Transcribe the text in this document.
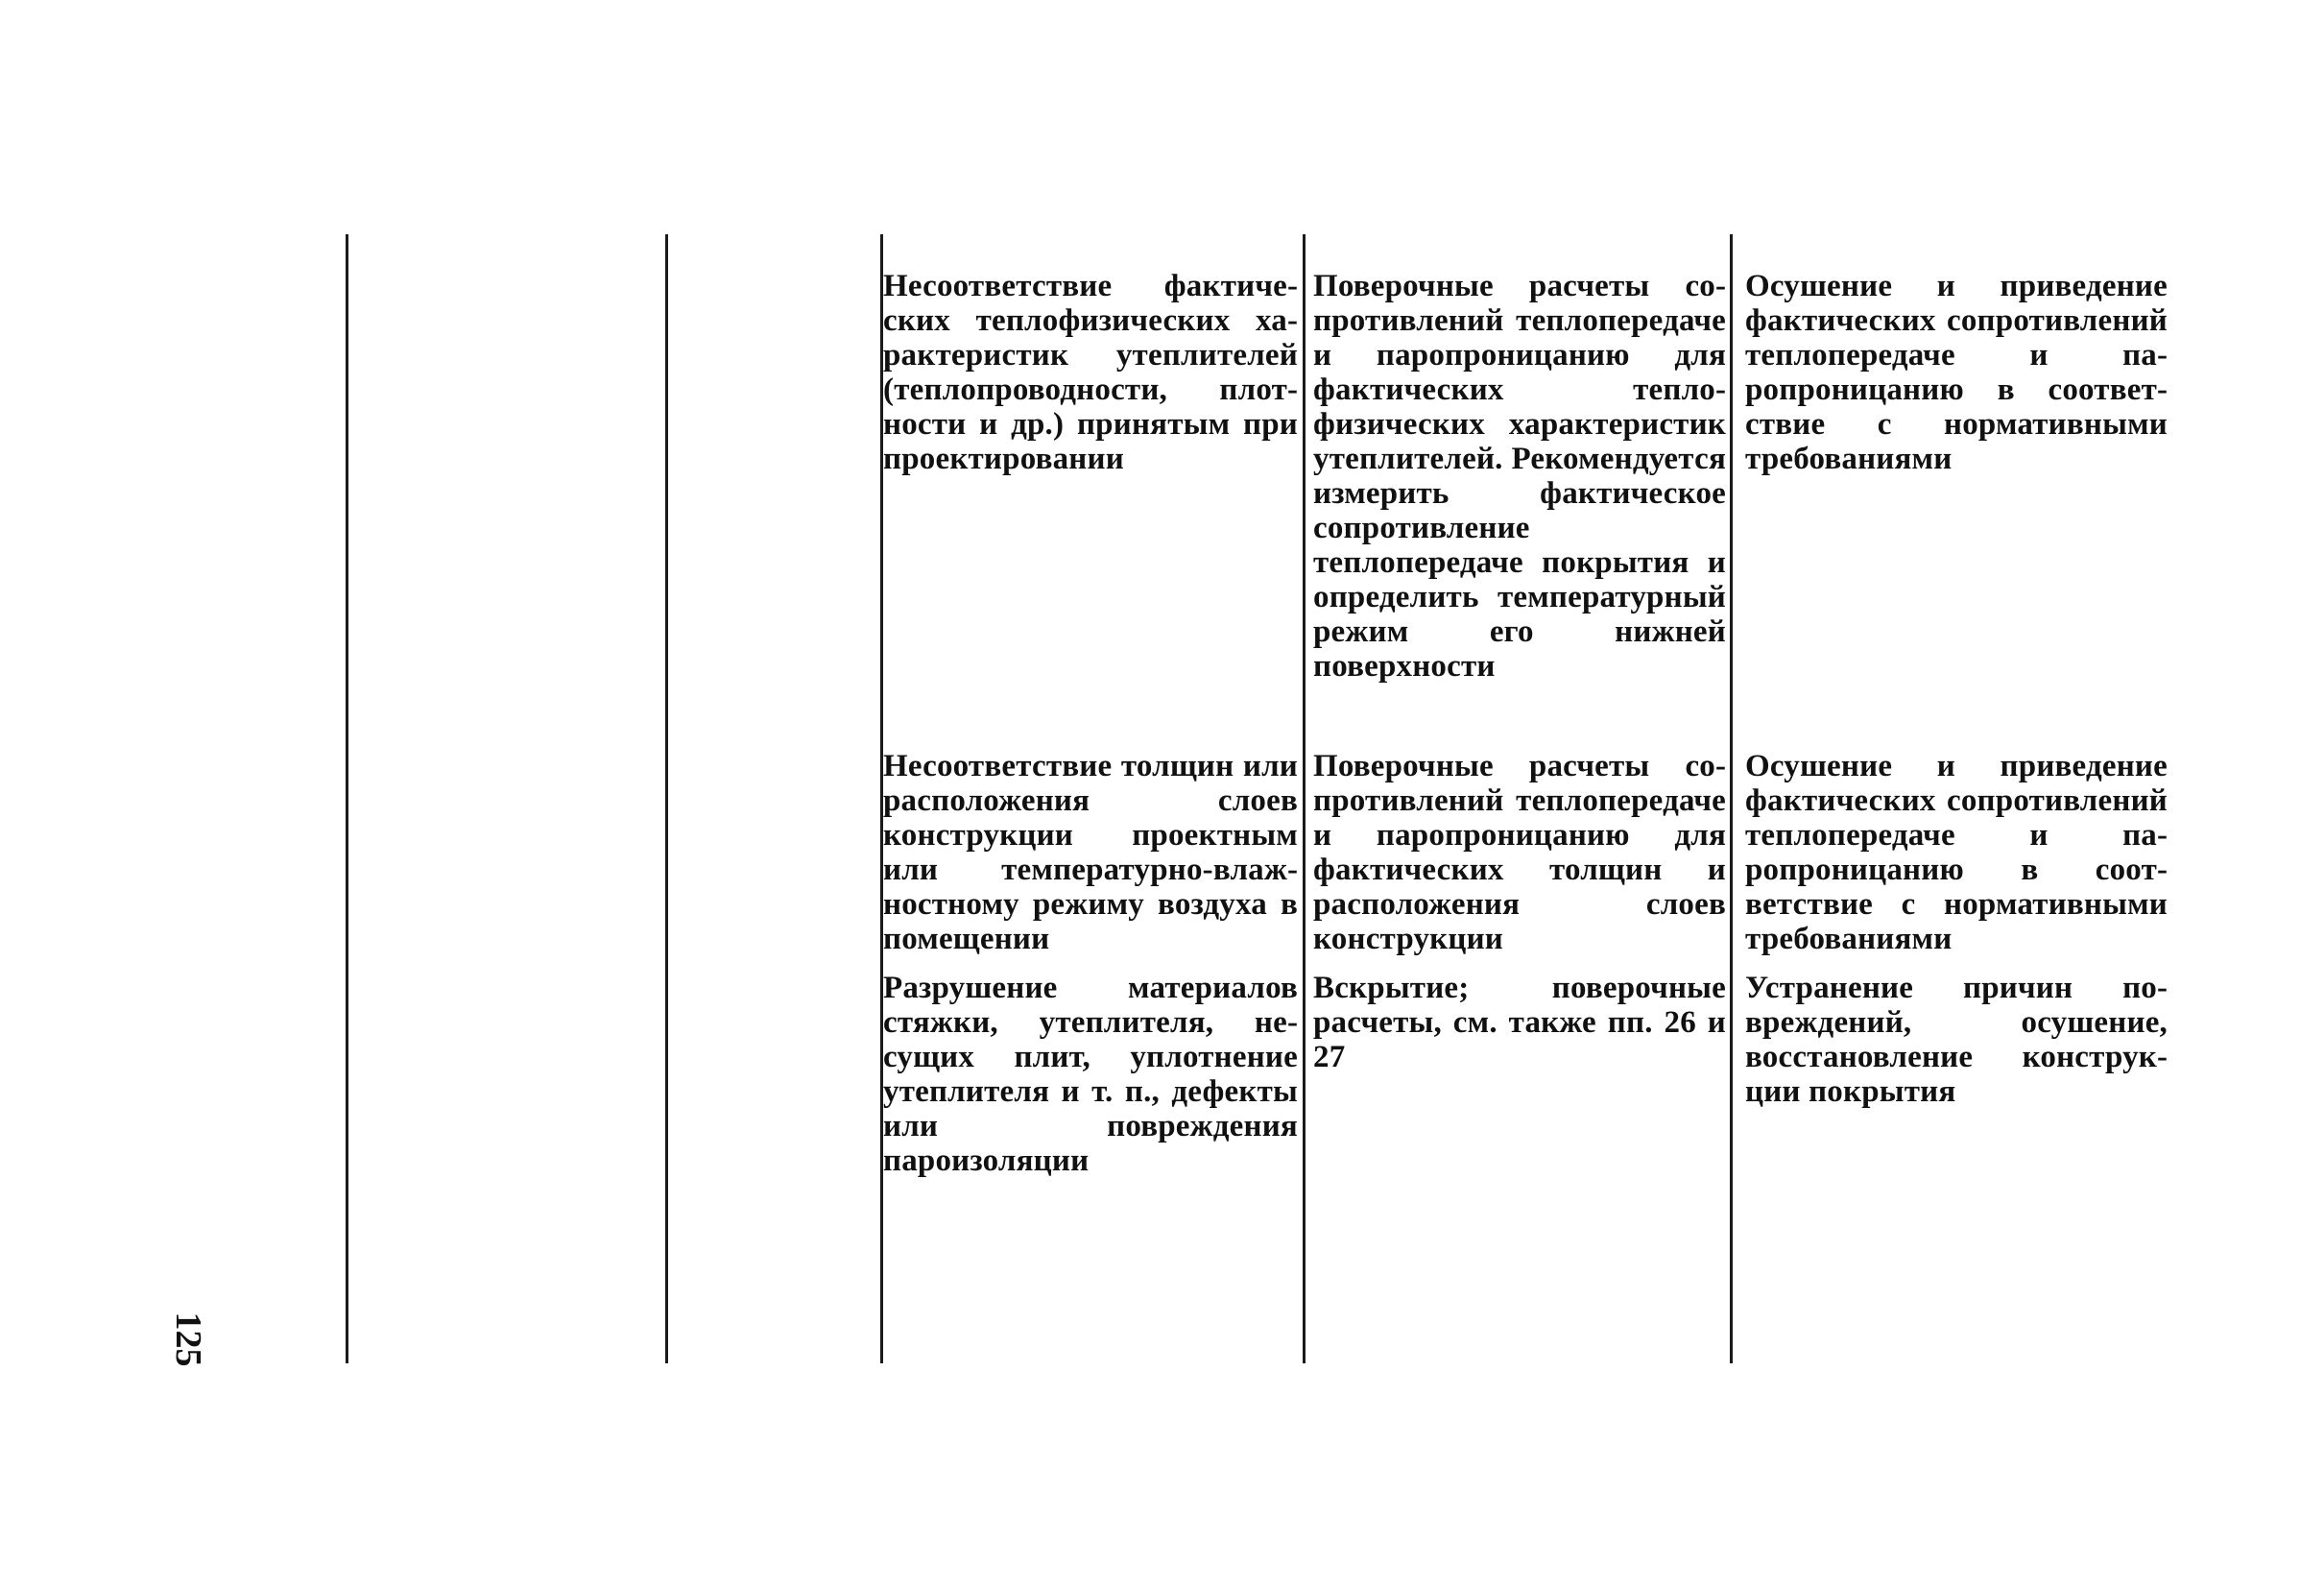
Несоответствие фактических теплофизических характеристик утеплителей (теплопроводности, плотности и др.) принятым при проектировании
Поверочные расчеты сопротивлений теплопередаче и паропроницанию для фактических теплофизических характеристик утеплителей. Рекомендуется измерить фактическое сопротивление теплопередаче покрытия и определить температурный режим его нижней поверхности
Осушение и приведение фактических сопротивлений теплопередаче и паропроницанию в соответствие с нормативными требованиями
Несоответствие толщин или расположения слоев конструкции проектным или температурно-влажностному режиму воздуха в помещении
Поверочные расчеты сопротивлений теплопередаче и паропроницанию для фактических толщин и расположения слоев конструкции
Осушение и приведение фактических сопротивлений теплопередаче и паропроницанию в соответствие с нормативными требованиями
Разрушение материалов стяжки, утеплителя, несущих плит, уплотнение утеплителя и т. п., дефекты или повреждения пароизоляции
Вскрытие; поверочные расчеты, см. также пп. 26 и 27
Устранение причин повреждений, осушение, восстановление конструкции покрытия
125
